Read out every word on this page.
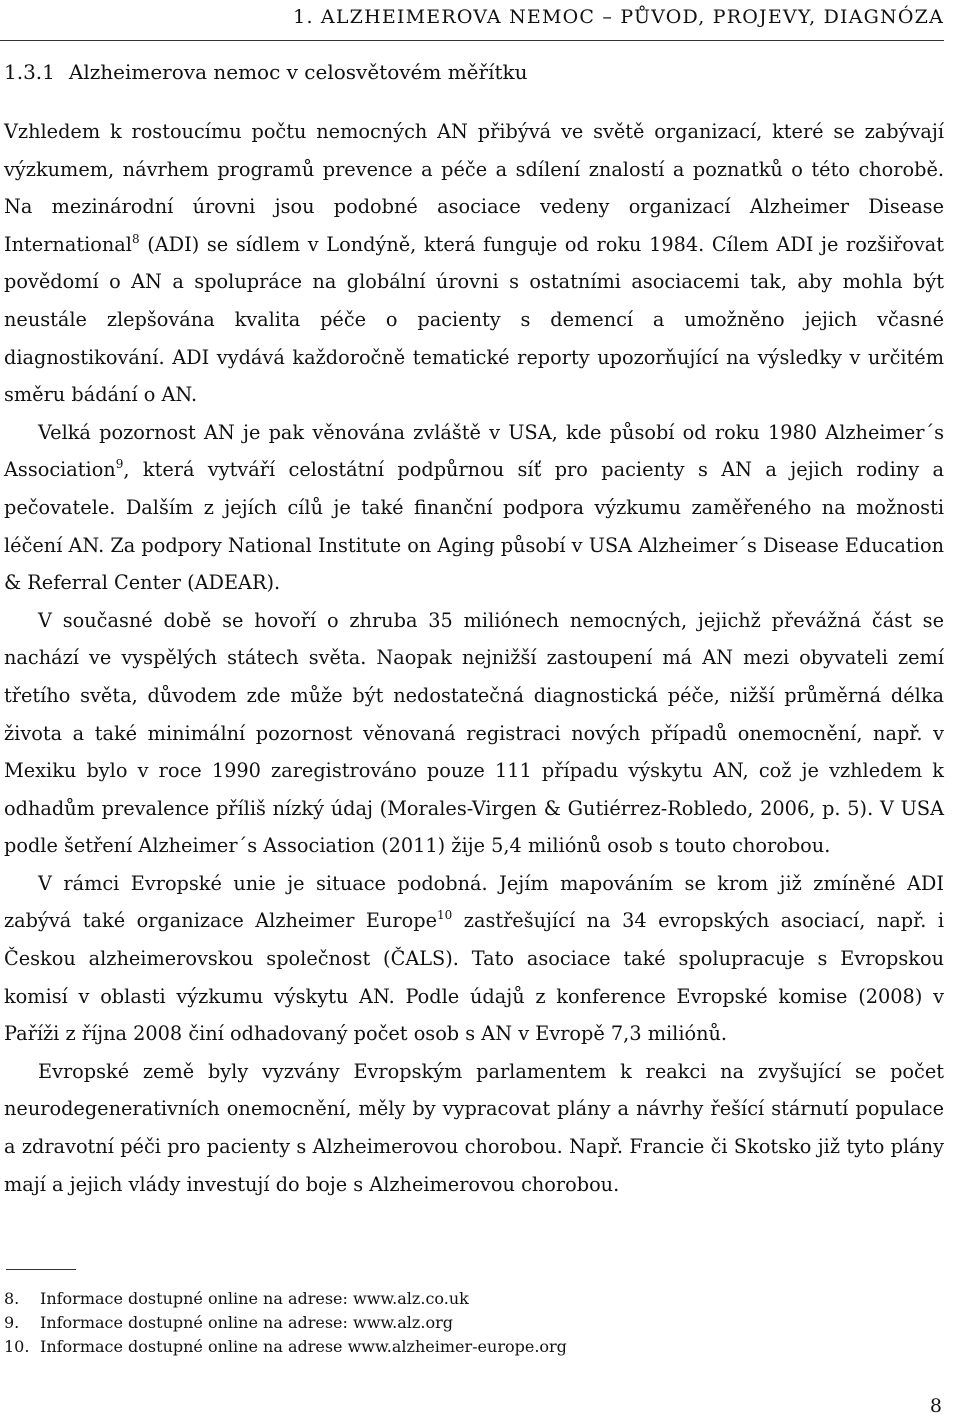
1. ALZHEIMEROVA NEMOC – PŮVOD, PROJEVY, DIAGNÓZA
1.3.1 Alzheimerova nemoc v celosvětovém měřítku

Vzhledem k rostoucímu počtu nemocných AN přibývá ve světě organizací, které se zabývají výzkumem, návrhem programů prevence a péče a sdílení znalostí a poznatků o této chorobě. Na mezinárodní úrovni jsou podobné asociace vedeny organizací Alzheimer Disease International$^8$ (ADI) se sídlem v Londýně, která funguje od roku 1984. Cílem ADI je rozšiřovat povědomí o AN a spolupráce na globální úrovni s ostatními asociacemi tak, aby mohla být neustále zlepšována kvalita péče o pacienty s demencí a umožněno jejich včasné diagnostikování. ADI vydává každoročně tematické reporty upozorňující na výsledky v určitém směru bádání o AN.

Velká pozornost AN je pak věnována zvláště v USA, kde působí od roku 1980 Alzheimer´s Association$^9$, která vytváří celostátní podpůrnou síť pro pacienty s AN a jejich rodiny a pečovatele. Dalším z jejích cílů je také finanční podpora výzkumu zaměřeného na možnosti léčení AN. Za podpory National Institute on Aging působí v USA Alzheimer´s Disease Education & Referral Center (ADEAR).

V současné době se hovoří o zhruba 35 miliónech nemocných, jejichž převážná část se nachází ve vyspělých státech světa. Naopak nejnižší zastoupení má AN mezi obyvateli zemí třetího světa, důvodem zde může být nedostatečná diagnostická péče, nižší průměrná délka života a také minimální pozornost věnovaná registraci nových případů onemocnění, např. v Mexiku bylo v roce 1990 zaregistrováno pouze 111 případu výskytu AN, což je vzhledem k odhadům prevalence příliš nízký údaj (Morales-Virgen & Gutiérrez-Robledo, 2006, p. 5). V USA podle šetření Alzheimer´s Association (2011) žije 5,4 miliónů osob s touto chorobou.

V rámci Evropské unie je situace podobná. Jejím mapováním se krom již zmíněné ADI zabývá také organizace Alzheimer Europe$^{10}$ zastřešující na 34 evropských asociací, např. i Českou alzheimerovskou společnost (ČALS). Tato asociace také spolupracuje s Evropskou komisí v oblasti výzkumu výskytu AN. Podle údajů z konference Evropské komise (2008) v Paříži z října 2008 činí odhadovaný počet osob s AN v Evropě 7,3 miliónů.

Evropské země byly vyzvány Evropským parlamentem k reakci na zvyšující se počet neurodegenerativních onemocnění, měly by vypracovat plány a návrhy řešící stárnutí populace a zdravotní péči pro pacienty s Alzheimerovou chorobou. Např. Francie či Skotsko již tyto plány mají a jejich vlády investují do boje s Alzheimerovou chorobou.

8.	Informace dostupné online na adrese: www.alz.co.uk
9.	Informace dostupné online na adrese: www.alz.org
10. Informace dostupné online na adrese www.alzheimer-europe.org
8
